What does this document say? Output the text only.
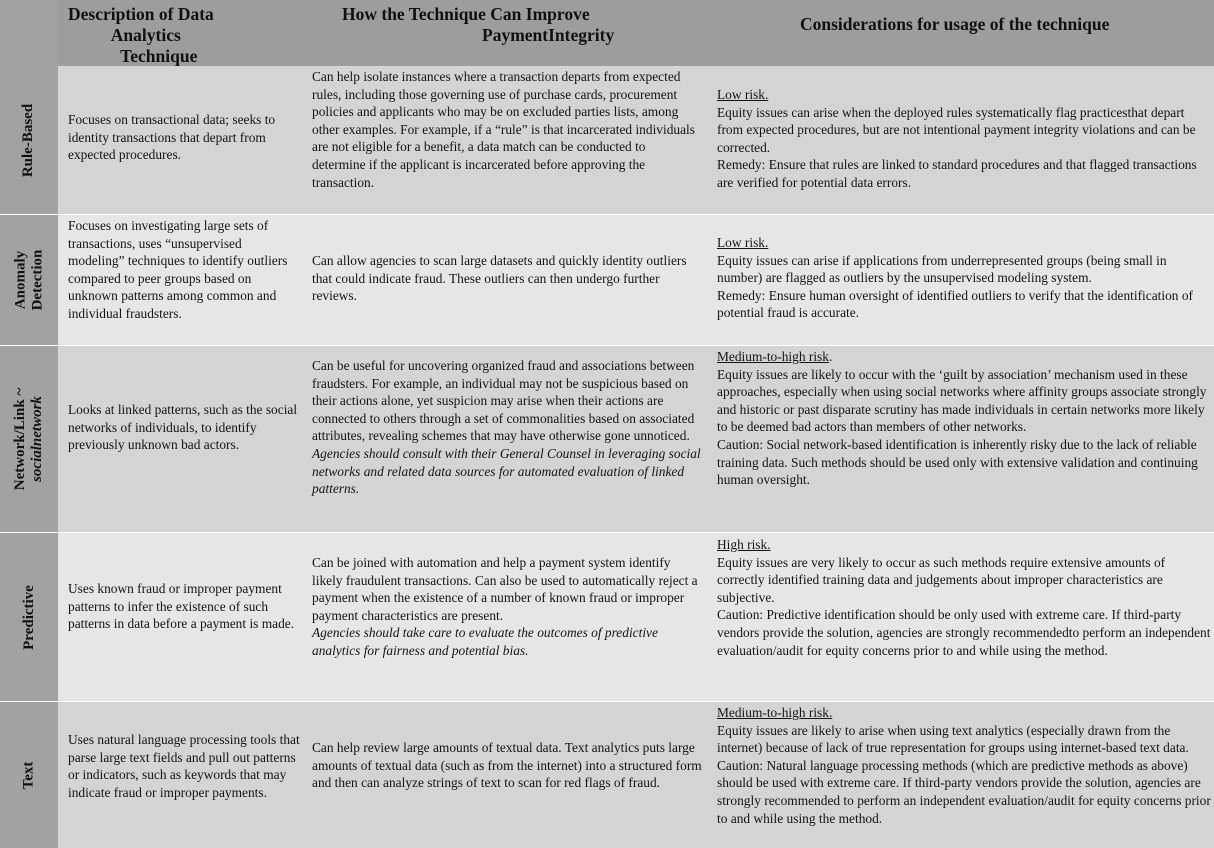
Description of Data
Analytics
Technique
How the Technique Can Improve
PaymentIntegrity
Considerations for usage of the technique
Rule-Based Focuses on transactional data; seeks to identity transactions that depart from expected procedures.
Can help isolate instances where a transaction departs from expected rules, including those governing use of purchase cards, procurement policies and applicants who may be on excluded parties lists, among other examples. For example, if a “rule” is that incarcerated individuals are not eligible for a benefit, a data match can be conducted to determine if the applicant is incarcerated before approving the transaction.
Low risk.
Equity issues can arise when the deployed rules systematically flag practicesthat depart from expected procedures, but are not intentional payment integrity violations and can be corrected.
Remedy: Ensure that rules are linked to standard procedures and that flagged transactions are verified for potential data errors.
Anomaly
Detection
Focuses on investigating large sets of transactions, uses “unsupervised modeling” techniques to identify outliers compared to peer groups based on unknown patterns among common and individual fraudsters.
Can allow agencies to scan large datasets and quickly identity outliers that could indicate fraud. These outliers can then undergo further reviews.
Low risk.
Equity issues can arise if applications from underrepresented groups (being small in number) are flagged as outliers by the unsupervised modeling system.
Remedy: Ensure human oversight of identified outliers to verify that the identification of potential fraud is accurate.
Network/Link ~ socialnetwork Looks at linked patterns, such as the social networks of individuals, to identify previously unknown bad actors.
Can be useful for uncovering organized fraud and associations between fraudsters. For example, an individual may not be suspicious based on their actions alone, yet suspicion may arise when their actions are connected to others through a set of commonalities based on associated attributes, revealing schemes that may have otherwise gone unnoticed.
Agencies should consult with their General Counsel in leveraging social networks and related data sources for automated evaluation of linked patterns.
Medium-to-high risk.
Equity issues are likely to occur with the ‘guilt by association’ mechanism used in these approaches, especially when using social networks where affinity groups associate strongly and historic or past disparate scrutiny has made individuals in certain networks more likely to be deemed bad actors than members of other networks.
Caution: Social network-based identification is inherently risky due to the lack of reliable training data. Such methods should be used only with extensive validation and continuing human oversight.
Predictive Uses known fraud or improper payment patterns to infer the existence of such patterns in data before a payment is made.
Can be joined with automation and help a payment system identify likely fraudulent transactions. Can also be used to automatically reject a payment when the existence of a number of known fraud or improper payment characteristics are present.
Agencies should take care to evaluate the outcomes of predictive analytics for fairness and potential bias.
High risk.
Equity issues are very likely to occur as such methods require extensive amounts of correctly identified training data and judgements about improper characteristics are subjective.
Caution: Predictive identification should be only used with extreme care. If third-party vendors provide the solution, agencies are strongly recommendedto perform an independent evaluation/audit for equity concerns prior to and while using the method.
Text
Uses natural language processing tools that parse large text fields and pull out patterns or indicators, such as keywords that may indicate fraud or improper payments.
Can help review large amounts of textual data. Text analytics puts large amounts of textual data (such as from the internet) into a structured form and then can analyze strings of text to scan for red flags of fraud.
Medium-to-high risk.
Equity issues are likely to arise when using text analytics (especially drawn from the internet) because of lack of true representation for groups using internet-based text data.
Caution: Natural language processing methods (which are predictive methods as above) should be used with extreme care. If third-party vendors provide the solution, agencies are strongly recommended to perform an independent evaluation/audit for equity concerns prior to and while using the method.
